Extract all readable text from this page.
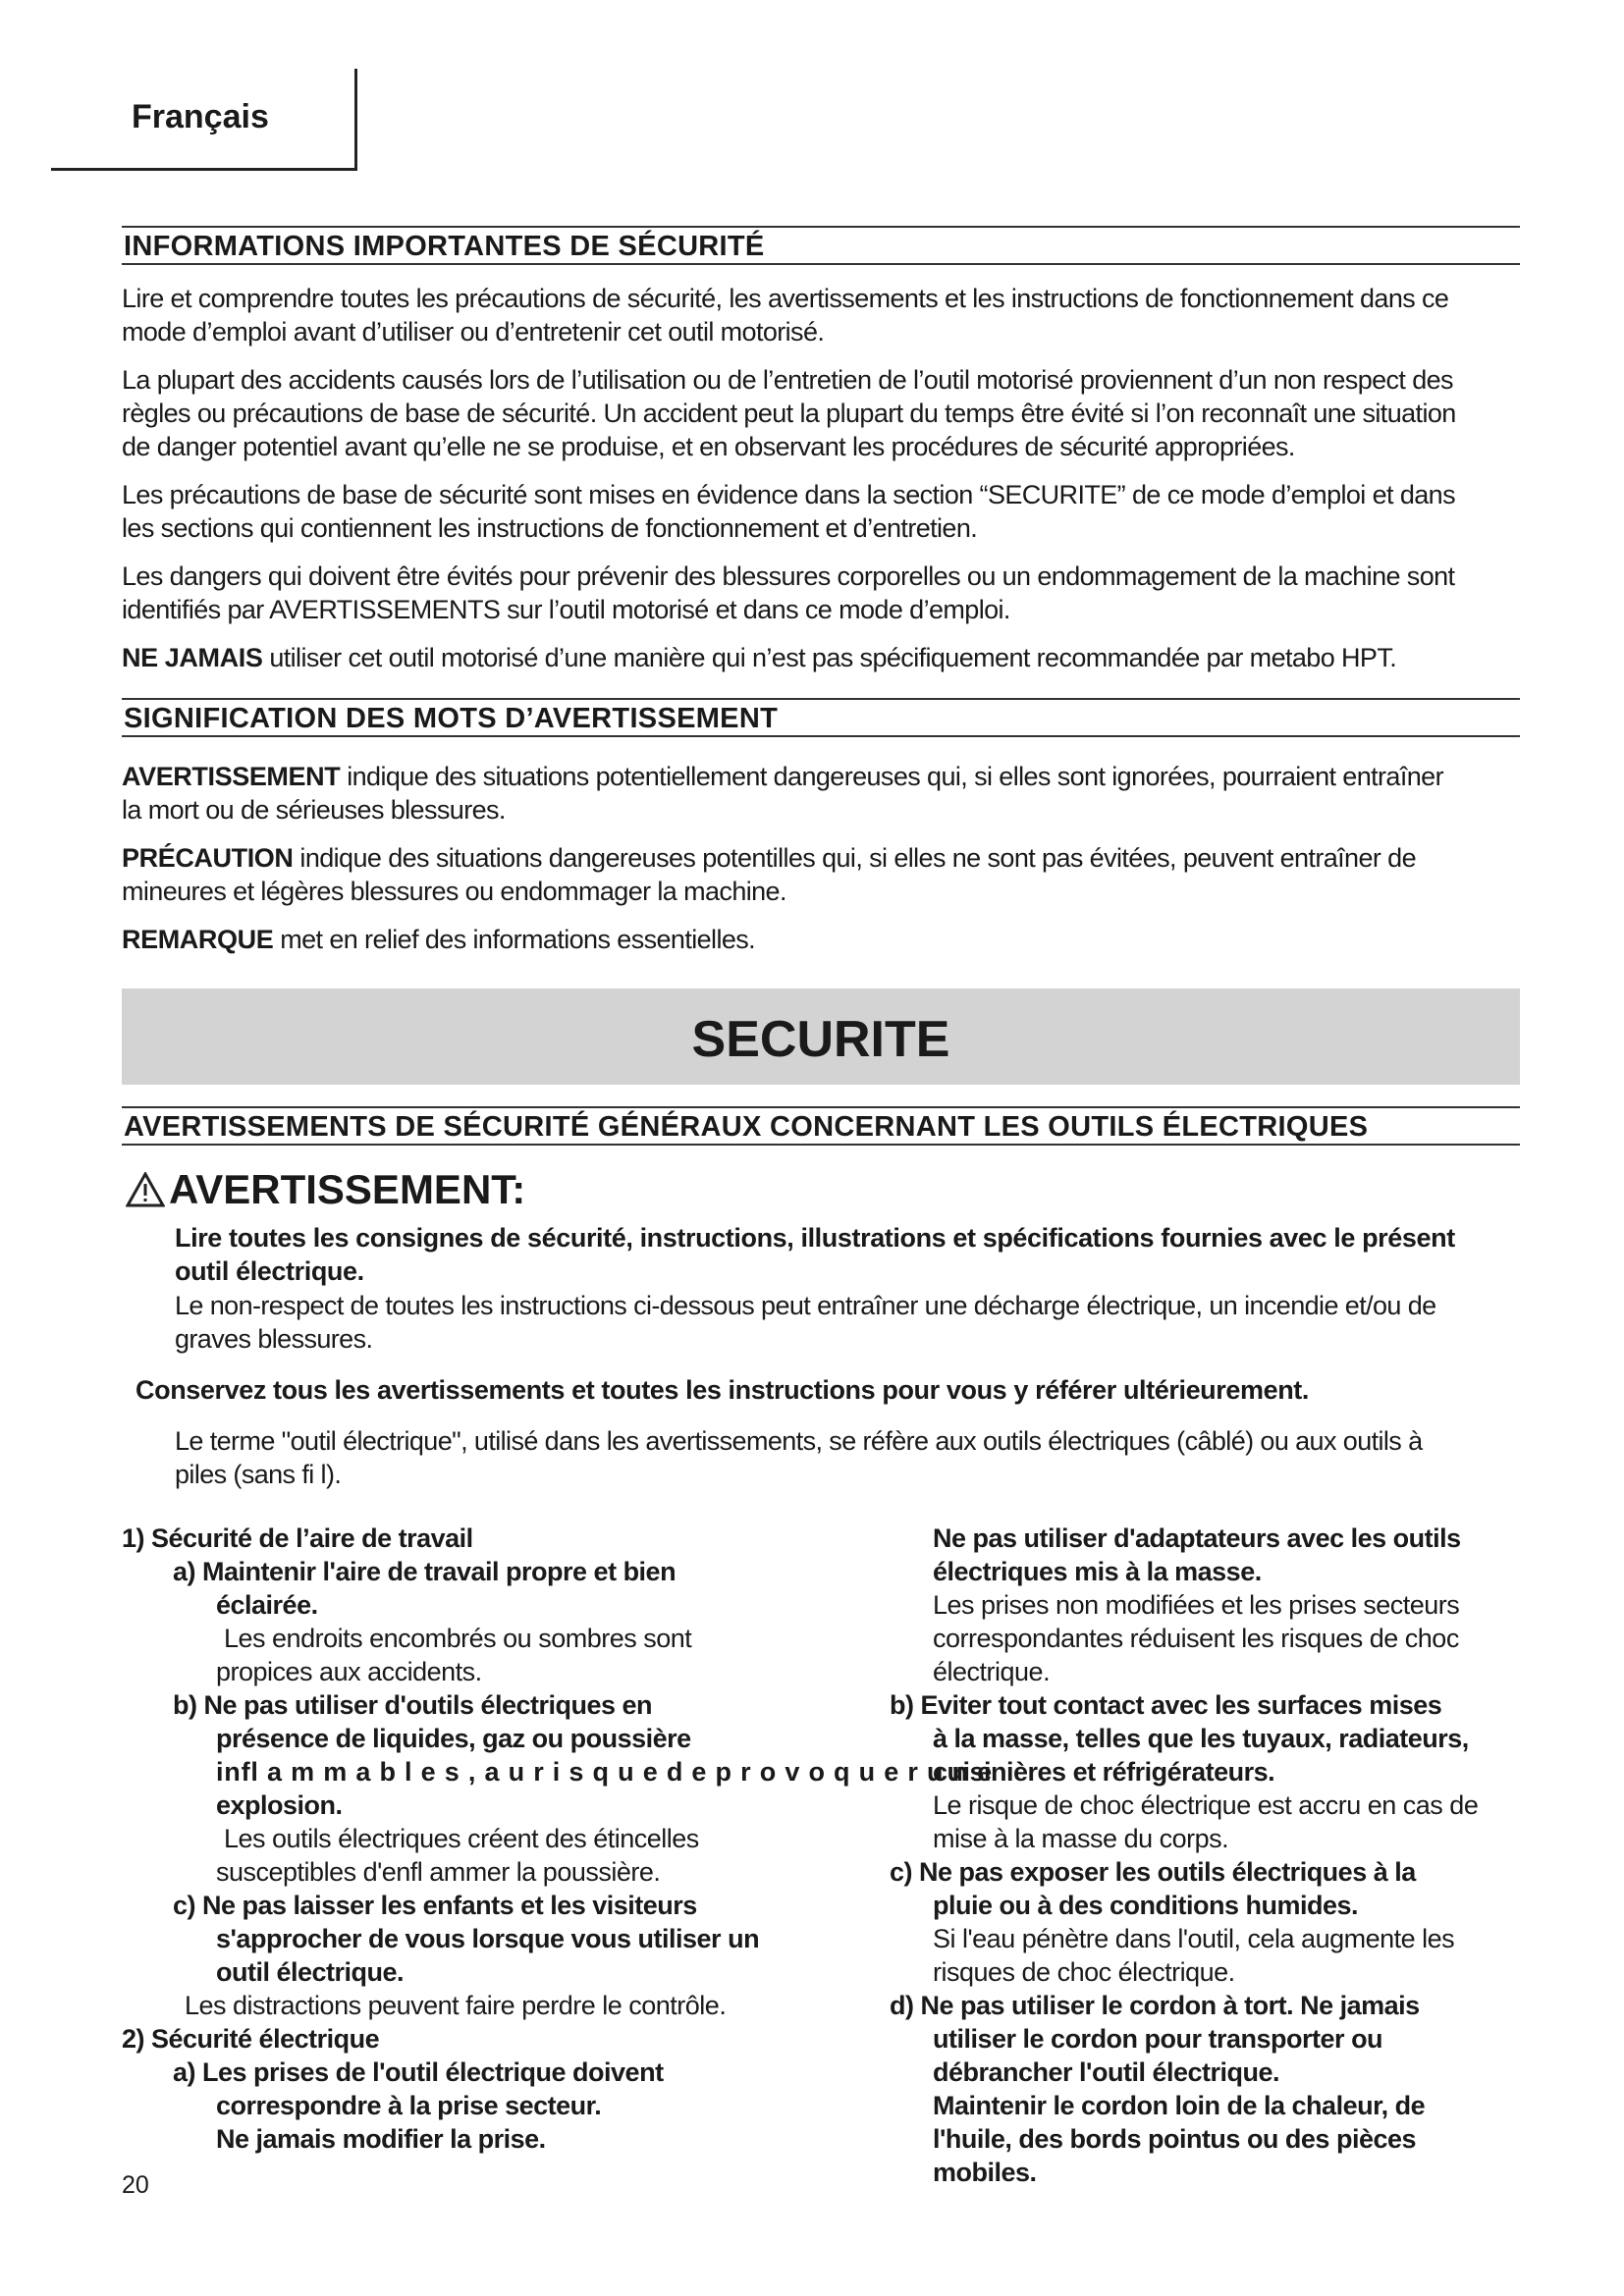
Français
INFORMATIONS IMPORTANTES DE SÉCURITÉ

Lire et comprendre toutes les précautions de sécurité, les avertissements et les instructions de fonctionnement dans ce

mode d’emploi avant d’utiliser ou d’entretenir cet outil motorisé.

La plupart des accidents causés lors de l’utilisation ou de l’entretien de l’outil motorisé proviennent d’un non respect des

règles ou précautions de base de sécurité. Un accident peut la plupart du temps être évité si l’on reconnaît une situation

de danger potentiel avant qu’elle ne se produise, et en observant les procédures de sécurité appropriées.

Les précautions de base de sécurité sont mises en évidence dans la section “SECURITE” de ce mode d’emploi et dans

les sections qui contiennent les instructions de fonctionnement et d’entretien.

Les dangers qui doivent être évités pour prévenir des blessures corporelles ou un endommagement de la machine sont

identifiés par AVERTISSEMENTS sur l’outil motorisé et dans ce mode d’emploi.

NE JAMAIS utiliser cet outil motorisé d’une manière qui n’est pas spécifiquement recommandée par metabo HPT.

SIGNIFICATION DES MOTS D’AVERTISSEMENT

AVERTISSEMENT indique des situations potentiellement dangereuses qui, si elles sont ignorées, pourraient entraîner

la mort ou de sérieuses blessures.

PRÉCAUTION indique des situations dangereuses potentilles qui, si elles ne sont pas évitées, peuvent entraîner de

mineures et légères blessures ou endommager la machine.

REMARQUE met en relief des informations essentielles.

SECURITE
AVERTISSEMENTS DE SÉCURITÉ GÉNÉRAUX CONCERNANT LES OUTILS ÉLECTRIQUES
AVERTISSEMENT:

Lire toutes les consignes de sécurité, instructions, illustrations et spécifications fournies avec le présent

outil électrique.

Le non-respect de toutes les instructions ci-dessous peut entraîner une décharge électrique, un incendie et/ou de

graves blessures.

Conservez tous les avertissements et toutes les instructions pour vous y référer ultérieurement.

Le terme "outil électrique", utilisé dans les avertissements, se réfère aux outils électriques (câblé) ou aux outils à

piles (sans fi l).

1) Sécurité de l’aire de travail

a) Maintenir l'aire de travail propre et bien

éclairée.

Les endroits encombrés ou sombres sont

propices aux accidents.

b) Ne pas utiliser d'outils électriques en

présence de liquides, gaz ou poussière

infl a m m a b l e s , a u r i s q u e d e p r o v o q u e r u n e

explosion.

Les outils électriques créent des étincelles

susceptibles d'enfl ammer la poussière.

c) Ne pas laisser les enfants et les visiteurs

s'approcher de vous lorsque vous utiliser un

outil électrique.

Les distractions peuvent faire perdre le contrôle.

2) Sécurité électrique

a) Les prises de l'outil électrique doivent

correspondre à la prise secteur.

Ne jamais modifier la prise.

Ne pas utiliser d'adaptateurs avec les outils

électriques mis à la masse.

Les prises non modifiées et les prises secteurs

correspondantes réduisent les risques de choc

électrique.

b) Eviter tout contact avec les surfaces mises

à la masse, telles que les tuyaux, radiateurs,

cuisinières et réfrigérateurs.

Le risque de choc électrique est accru en cas de

mise à la masse du corps.

c) Ne pas exposer les outils électriques à la

pluie ou à des conditions humides.

Si l'eau pénètre dans l'outil, cela augmente les

risques de choc électrique.

d) Ne pas utiliser le cordon à tort. Ne jamais

utiliser le cordon pour transporter ou

débrancher l'outil électrique.

Maintenir le cordon loin de la chaleur, de

l'huile, des bords pointus ou des pièces

mobiles.

20
